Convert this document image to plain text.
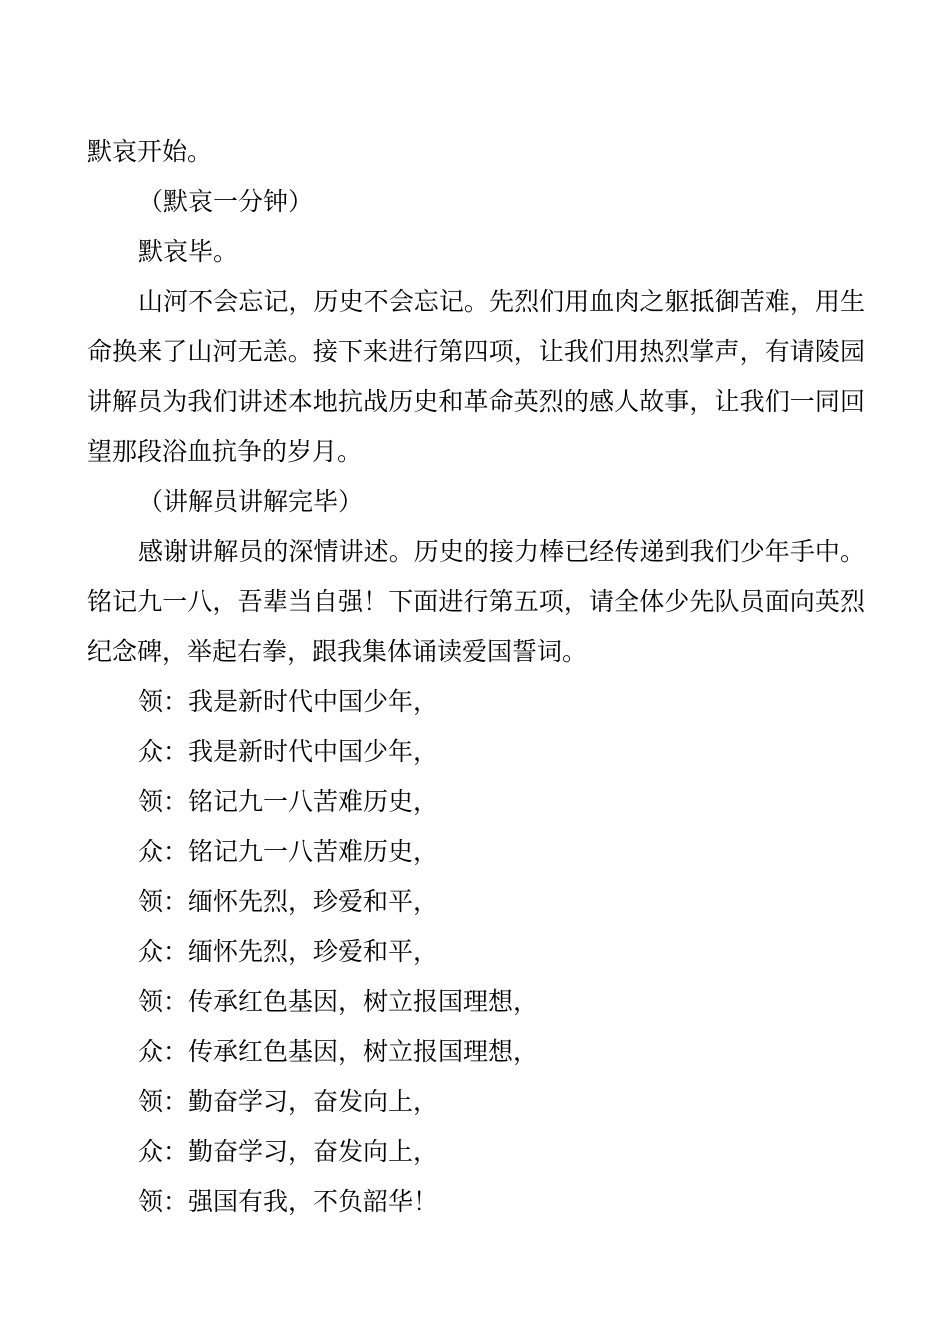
默哀开始。

（默哀一分钟）

默哀毕。

山河不会忘记，历史不会忘记。先烈们用血肉之躯抵御苦难，用生命换来了山河无恙。接下来进行第四项，让我们用热烈掌声，有请陵园讲解员为我们讲述本地抗战历史和革命英烈的感人故事，让我们一同回望那段浴血抗争的岁月。

（讲解员讲解完毕）

感谢讲解员的深情讲述。历史的接力棒已经传递到我们少年手中。铭记九一八，吾辈当自强！下面进行第五项，请全体少先队员面向英烈纪念碑，举起右拳，跟我集体诵读爱国誓词。

领：我是新时代中国少年，

众：我是新时代中国少年，

领：铭记九一八苦难历史，

众：铭记九一八苦难历史，

领：缅怀先烈，珍爱和平，

众：缅怀先烈，珍爱和平，

领：传承红色基因，树立报国理想，

众：传承红色基因，树立报国理想，

领：勤奋学习，奋发向上，

众：勤奋学习，奋发向上，

领：强国有我，不负韶华！
